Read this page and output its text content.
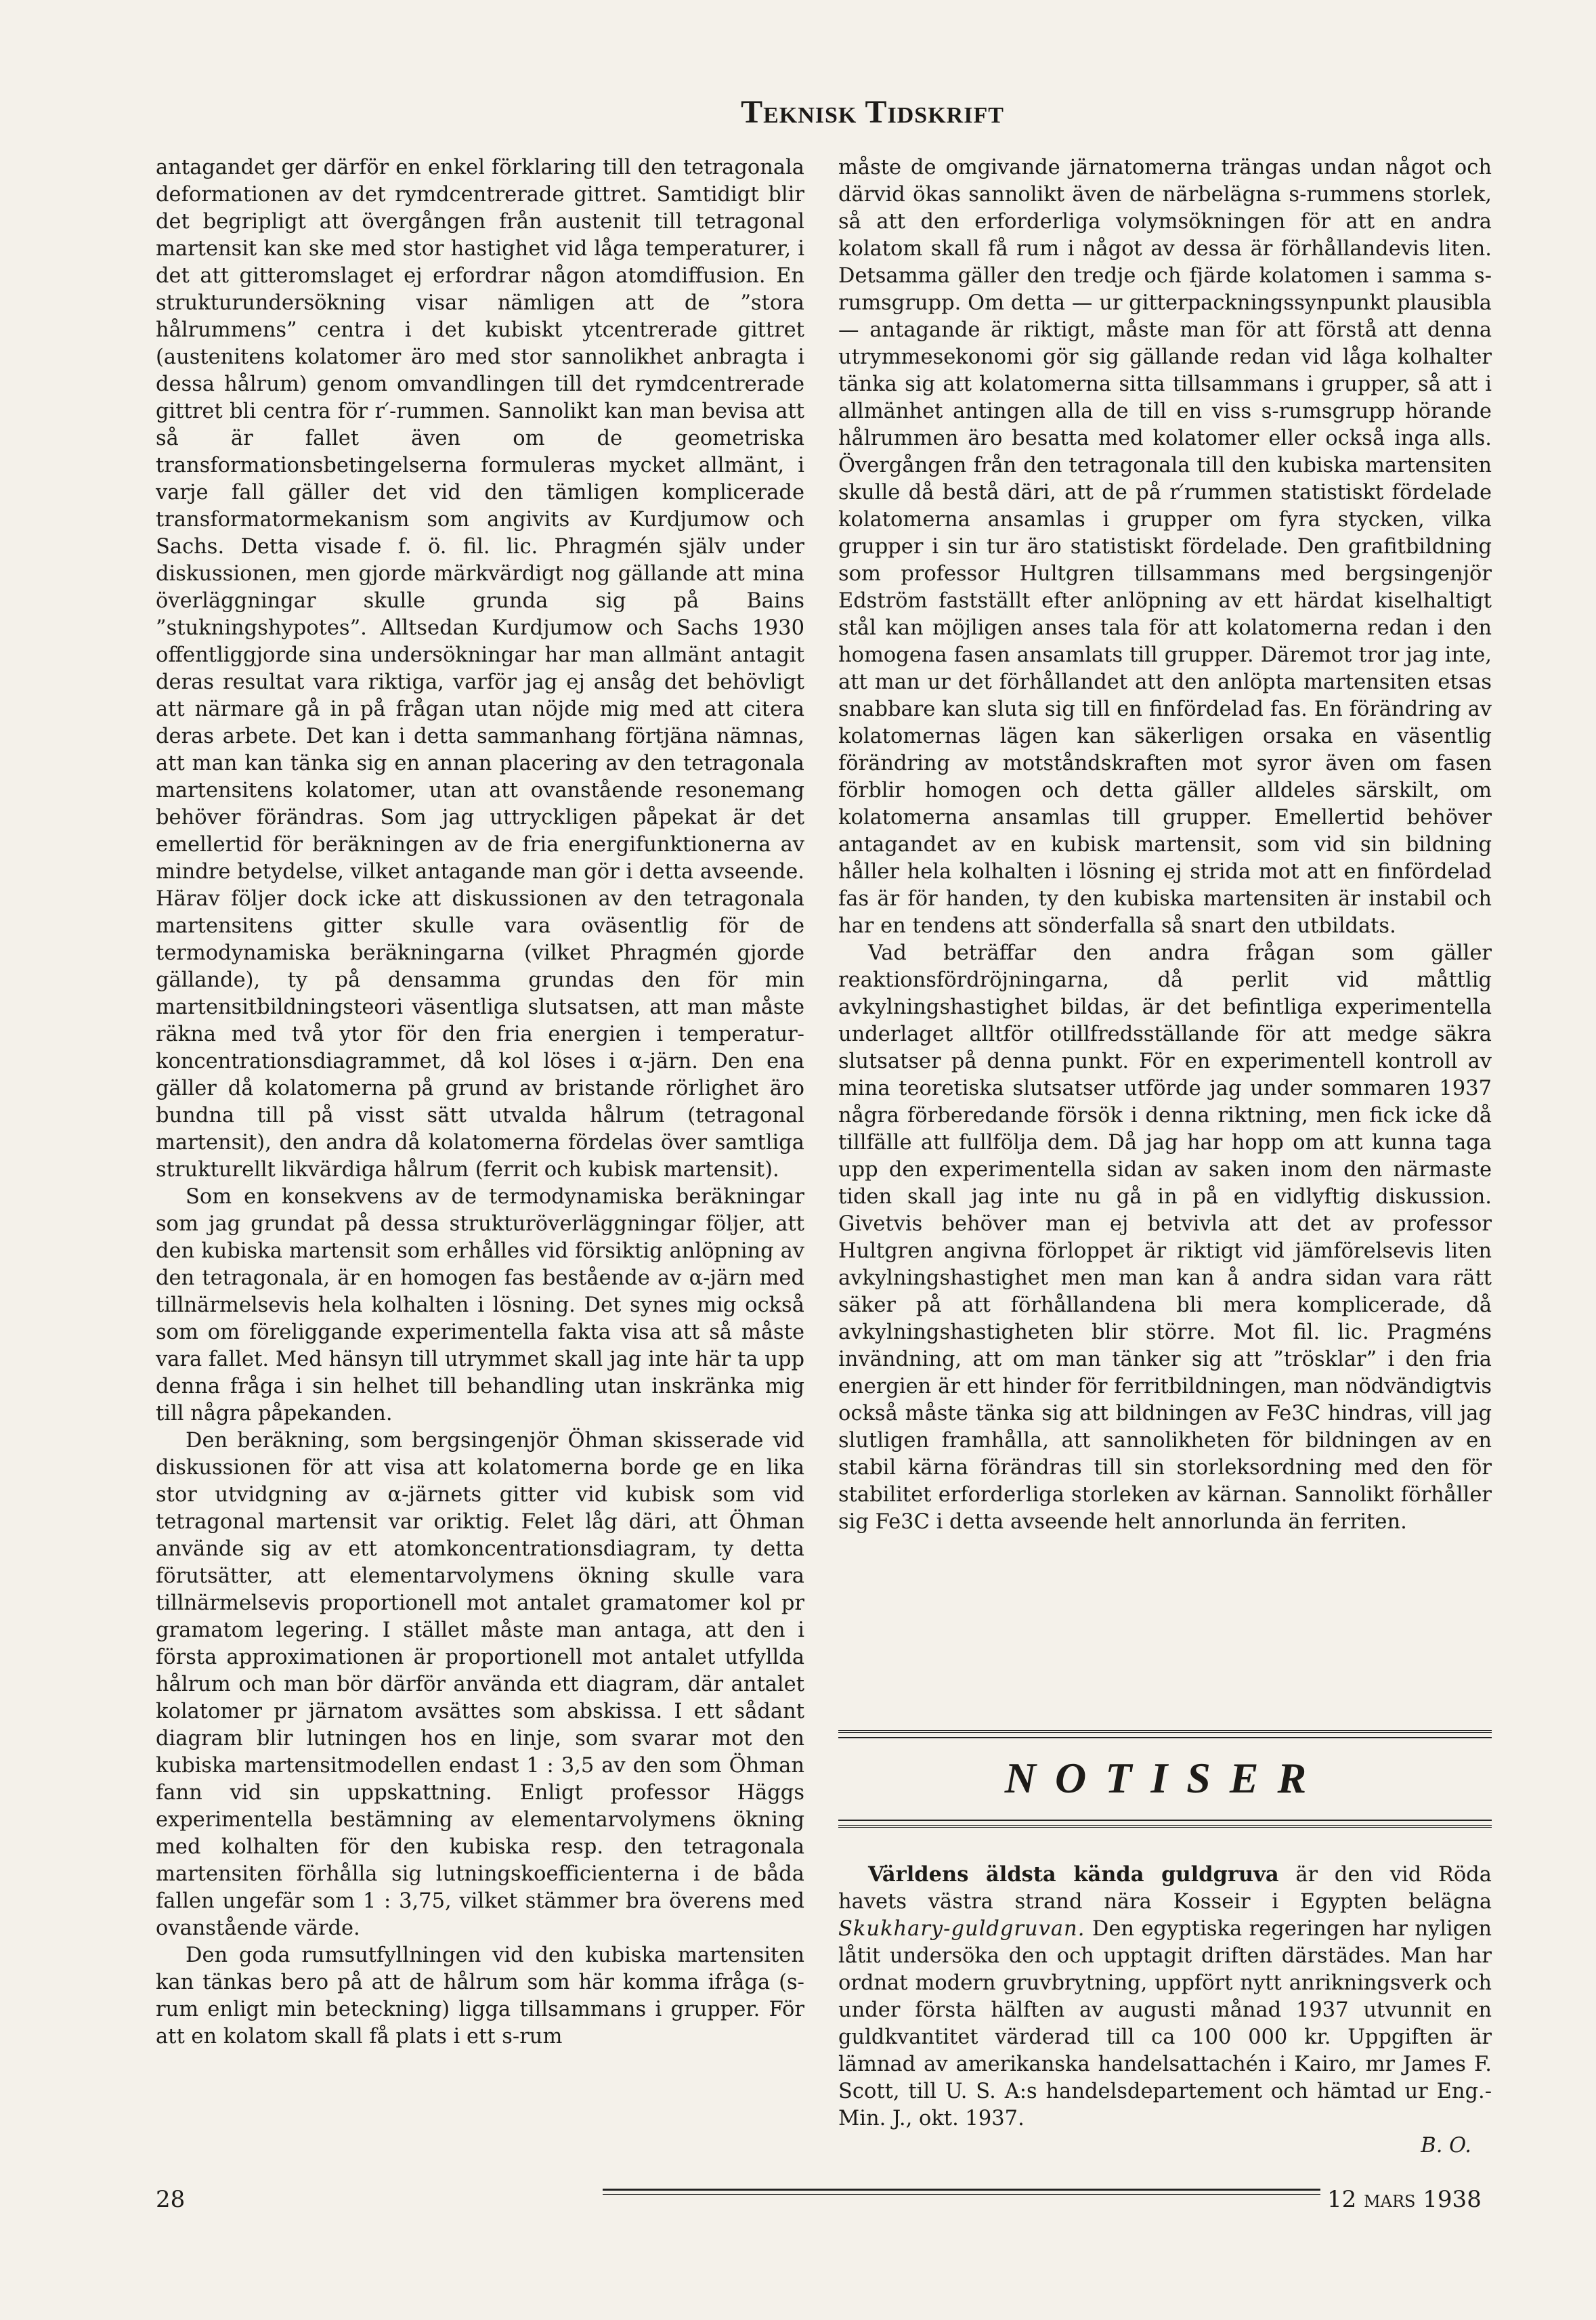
Teknisk Tidskrift

antagandet ger därför en enkel förklaring till den tetragonala deformationen av det rymdcentrerade gittret. Samtidigt blir det begripligt att övergången från austenit till tetragonal martensit kan ske med stor hastighet vid låga temperaturer, i det att gitteromslaget ej erfordrar någon atomdiffusion. En strukturundersökning visar nämligen att de ”stora hålrummens” centra i det kubiskt ytcentrerade gittret (austenitens kolatomer äro med stor sannolikhet anbragta i dessa hålrum) genom omvandlingen till det rymdcentrerade gittret bli centra för r′-rummen. Sannolikt kan man bevisa att så är fallet även om de geometriska transformationsbetingelserna formuleras mycket allmänt, i varje fall gäller det vid den tämligen komplicerade transformatormekanism som angivits av Kurdjumow och Sachs. Detta visade f. ö. fil. lic. Phragmén själv under diskussionen, men gjorde märkvärdigt nog gällande att mina överläggningar skulle grunda sig på Bains ”stukningshypotes”. Alltsedan Kurdjumow och Sachs 1930 offentliggjorde sina undersökningar har man allmänt antagit deras resultat vara riktiga, varför jag ej ansåg det behövligt att närmare gå in på frågan utan nöjde mig med att citera deras arbete. Det kan i detta sammanhang förtjäna nämnas, att man kan tänka sig en annan placering av den tetragonala martensitens kolatomer, utan att ovanstående resonemang behöver förändras. Som jag uttryckligen påpekat är det emellertid för beräkningen av de fria energifunktionerna av mindre betydelse, vilket antagande man gör i detta avseende. Härav följer dock icke att diskussionen av den tetragonala martensitens gitter skulle vara oväsentlig för de termodynamiska beräkningarna (vilket Phragmén gjorde gällande), ty på densamma grundas den för min martensitbildningsteori väsentliga slutsatsen, att man måste räkna med två ytor för den fria energien i temperatur-koncentrationsdiagrammet, då kol löses i α-järn. Den ena gäller då kolatomerna på grund av bristande rörlighet äro bundna till på visst sätt utvalda hålrum (tetragonal martensit), den andra då kolatomerna fördelas över samtliga strukturellt likvärdiga hålrum (ferrit och kubisk martensit).

Som en konsekvens av de termodynamiska beräkningar som jag grundat på dessa strukturöverläggningar följer, att den kubiska martensit som erhålles vid försiktig anlöpning av den tetragonala, är en homogen fas bestående av α-järn med tillnärmelsevis hela kolhalten i lösning. Det synes mig också som om föreliggande experimentella fakta visa att så måste vara fallet. Med hänsyn till utrymmet skall jag inte här ta upp denna fråga i sin helhet till behandling utan inskränka mig till några påpekanden.

Den beräkning, som bergsingenjör Öhman skisserade vid diskussionen för att visa att kolatomerna borde ge en lika stor utvidgning av α-järnets gitter vid kubisk som vid tetragonal martensit var oriktig. Felet låg däri, att Öhman använde sig av ett atomkoncentrationsdiagram, ty detta förutsätter, att elementarvolymens ökning skulle vara tillnärmelsevis proportionell mot antalet gramatomer kol pr gramatom legering. I stället måste man antaga, att den i första approximationen är proportionell mot antalet utfyllda hålrum och man bör därför använda ett diagram, där antalet kolatomer pr järnatom avsättes som abskissa. I ett sådant diagram blir lutningen hos en linje, som svarar mot den kubiska martensitmodellen endast 1 : 3,5 av den som Öhman fann vid sin uppskattning. Enligt professor Häggs experimentella bestämning av elementarvolymens ökning med kolhalten för den kubiska resp. den tetragonala martensiten förhålla sig lutningskoefficienterna i de båda fallen ungefär som 1 : 3,75, vilket stämmer bra överens med ovanstående värde.

Den goda rumsutfyllningen vid den kubiska martensiten kan tänkas bero på att de hålrum som här komma ifråga (s-rum enligt min beteckning) ligga tillsammans i grupper. För att en kolatom skall få plats i ett s-rum

måste de omgivande järnatomerna trängas undan något och därvid ökas sannolikt även de närbelägna s-rummens storlek, så att den erforderliga volymsökningen för att en andra kolatom skall få rum i något av dessa är förhållandevis liten. Detsamma gäller den tredje och fjärde kolatomen i samma s-rumsgrupp. Om detta — ur gitterpackningssynpunkt plausibla — antagande är riktigt, måste man för att förstå att denna utrymmesekonomi gör sig gällande redan vid låga kolhalter tänka sig att kolatomerna sitta tillsammans i grupper, så att i allmänhet antingen alla de till en viss s-rumsgrupp hörande hålrummen äro besatta med kolatomer eller också inga alls. Övergången från den tetragonala till den kubiska martensiten skulle då bestå däri, att de på r′rummen statistiskt fördelade kolatomerna ansamlas i grupper om fyra stycken, vilka grupper i sin tur äro statistiskt fördelade. Den grafitbildning som professor Hultgren tillsammans med bergsingenjör Edström fastställt efter anlöpning av ett härdat kiselhaltigt stål kan möjligen anses tala för att kolatomerna redan i den homogena fasen ansamlats till grupper. Däremot tror jag inte, att man ur det förhållandet att den anlöpta martensiten etsas snabbare kan sluta sig till en finfördelad fas. En förändring av kolatomernas lägen kan säkerligen orsaka en väsentlig förändring av motståndskraften mot syror även om fasen förblir homogen och detta gäller alldeles särskilt, om kolatomerna ansamlas till grupper. Emellertid behöver antagandet av en kubisk martensit, som vid sin bildning håller hela kolhalten i lösning ej strida mot att en finfördelad fas är för handen, ty den kubiska martensiten är instabil och har en tendens att sönderfalla så snart den utbildats.

Vad beträffar den andra frågan som gäller reaktionsfördröjningarna, då perlit vid måttlig avkylningshastighet bildas, är det befintliga experimentella underlaget alltför otillfredsställande för att medge säkra slutsatser på denna punkt. För en experimentell kontroll av mina teoretiska slutsatser utförde jag under sommaren 1937 några förberedande försök i denna riktning, men fick icke då tillfälle att fullfölja dem. Då jag har hopp om att kunna taga upp den experimentella sidan av saken inom den närmaste tiden skall jag inte nu gå in på en vidlyftig diskussion. Givetvis behöver man ej betvivla att det av professor Hultgren angivna förloppet är riktigt vid jämförelsevis liten avkylningshastighet men man kan å andra sidan vara rätt säker på att förhållandena bli mera komplicerade, då avkylningshastigheten blir större. Mot fil. lic. Pragméns invändning, att om man tänker sig att ”trösklar” i den fria energien är ett hinder för ferritbildningen, man nödvändigtvis också måste tänka sig att bildningen av Fe3C hindras, vill jag slutligen framhålla, att sannolikheten för bildningen av en stabil kärna förändras till sin storleksordning med den för stabilitet erforderliga storleken av kärnan. Sannolikt förhåller sig Fe3C i detta avseende helt annorlunda än ferriten.

NOTISER

Världens äldsta kända guldgruva är den vid Röda havets västra strand nära Kosseir i Egypten belägna Skukhary-guldgruvan. Den egyptiska regeringen har nyligen låtit undersöka den och upptagit driften därstädes. Man har ordnat modern gruvbrytning, uppfört nytt anrikningsverk och under första hälften av augusti månad 1937 utvunnit en guldkvantitet värderad till ca 100 000 kr. Uppgiften är lämnad av amerikanska handelsattachén i Kairo, mr James F. Scott, till U. S. A:s handelsdepartement och hämtad ur Eng.-Min. J., okt. 1937.

B. O.
28	12 mars 1938
